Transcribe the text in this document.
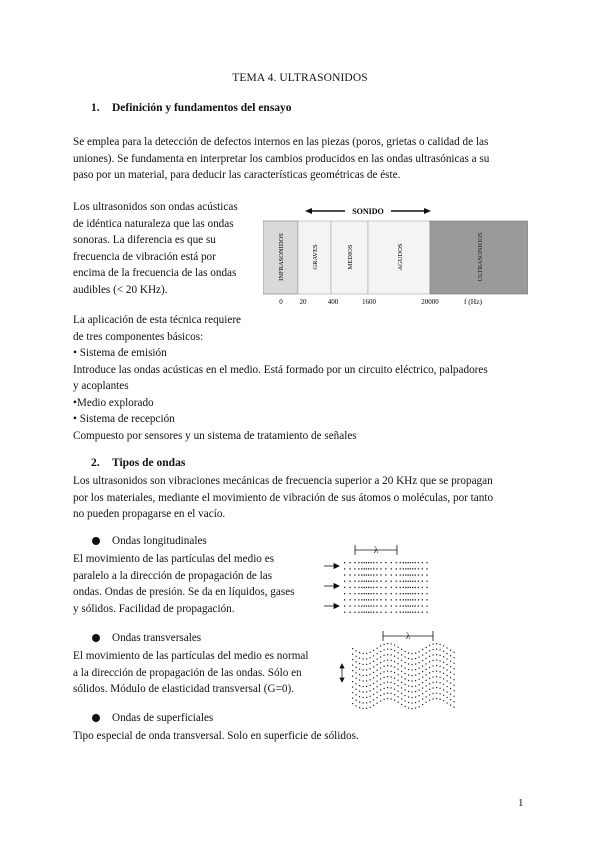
TEMA 4. ULTRASONIDOS
1. Definición y fundamentos del ensayo
Se emplea para la detección de defectos internos en las piezas (poros, grietas o calidad de las
uniones). Se fundamenta en interpretar los cambios producidos en las ondas ultrasónicas a su
paso por un material, para deducir las características geométricas de éste.
Los ultrasonidos son ondas acústicas
de idéntica naturaleza que las ondas
sonoras. La diferencia es que su
frecuencia de vibración está por
encima de la frecuencia de las ondas
audibles (< 20 KHz).
SONIDO
INFRASONIDOS	GRAVES	MEDIOS	AGUDOS	ULTRASONIDOS
0 20	400	1600	20000	f (Hz)
La aplicación de esta técnica requiere
de tres componentes básicos:
• Sistema de emisión
Introduce las ondas acústicas en el medio. Está formado por un circuito eléctrico, palpadores
y acoplantes
•Medio explorado
• Sistema de recepción
Compuesto por sensores y un sistema de tratamiento de señales
2. Tipos de ondas
Los ultrasonidos son vibraciones mecánicas de frecuencia superior a 20 KHz que se propagan
por los materiales, mediante el movimiento de vibración de sus átomos o moléculas, por tanto
no pueden propagarse en el vacío.
Ondas longitudinales
El movimiento de las partículas del medio es
paralelo a la dirección de propagación de las
ondas. Ondas de presión. Se da en líquidos, gases
y sólidos. Facilidad de propagación.
λ
Ondas transversales
El movimiento de las partículas del medio es normal
a la dirección de propagación de las ondas. Sólo en
sólidos. Módulo de elasticidad transversal (G=0).
λ
Ondas de superficiales
Tipo especial de onda transversal. Solo en superficie de sólidos.
1
